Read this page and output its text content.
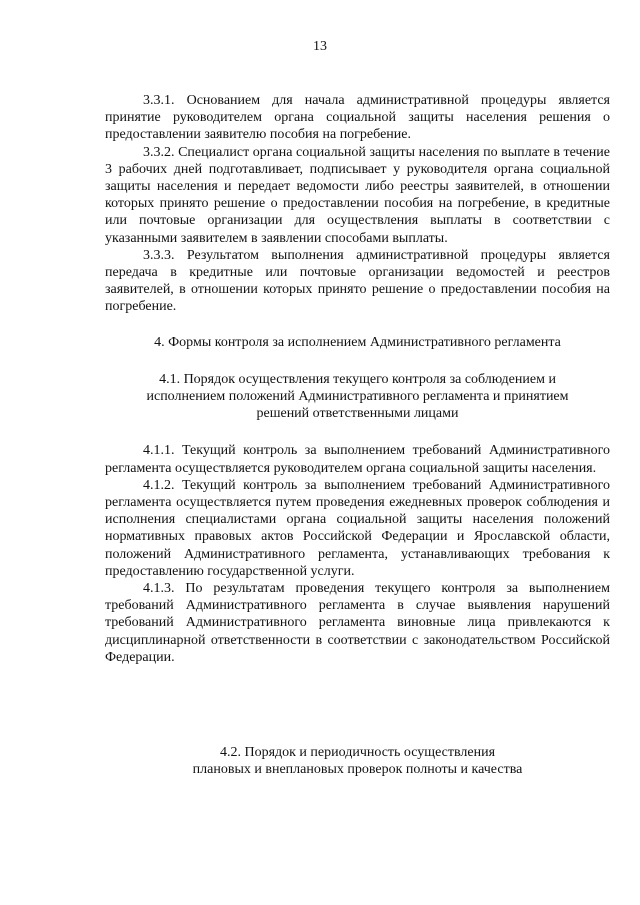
13

3.3.1. Основанием для начала административной процедуры является принятие руководителем органа социальной защиты населения решения о предоставлении заявителю пособия на погребение.

3.3.2. Специалист органа социальной защиты населения по выплате в течение 3 рабочих дней подготавливает, подписывает у руководителя органа социальной защиты населения и передает ведомости либо реестры заявителей, в отношении которых принято решение о предоставлении пособия на погребение, в кредитные или почтовые организации для осуществления выплаты в соответствии с указанными заявителем в заявлении способами выплаты.

3.3.3. Результатом выполнения административной процедуры является передача в кредитные или почтовые организации ведомостей и реестров заявителей, в отношении которых принято решение о предоставлении пособия на погребение.

4. Формы контроля за исполнением Административного регламента

4.1. Порядок осуществления текущего контроля за соблюдением и
исполнением положений Административного регламента и принятием
решений ответственными лицами

4.1.1. Текущий контроль за выполнением требований Административного регламента осуществляется руководителем органа социальной защиты населения.

4.1.2. Текущий контроль за выполнением требований Административного регламента осуществляется путем проведения ежедневных проверок соблюдения и исполнения специалистами органа социальной защиты населения положений нормативных правовых актов Российской Федерации и Ярославской области, положений Административного регламента, устанавливающих требования к предоставлению государственной услуги.

4.1.3. По результатам проведения текущего контроля за выполнением требований Административного регламента в случае выявления нарушений требований Административного регламента виновные лица привлекаются к дисциплинарной ответственности в соответствии с законодательством Российской Федерации.

4.2. Порядок и периодичность осуществления
плановых и внеплановых проверок полноты и качества
